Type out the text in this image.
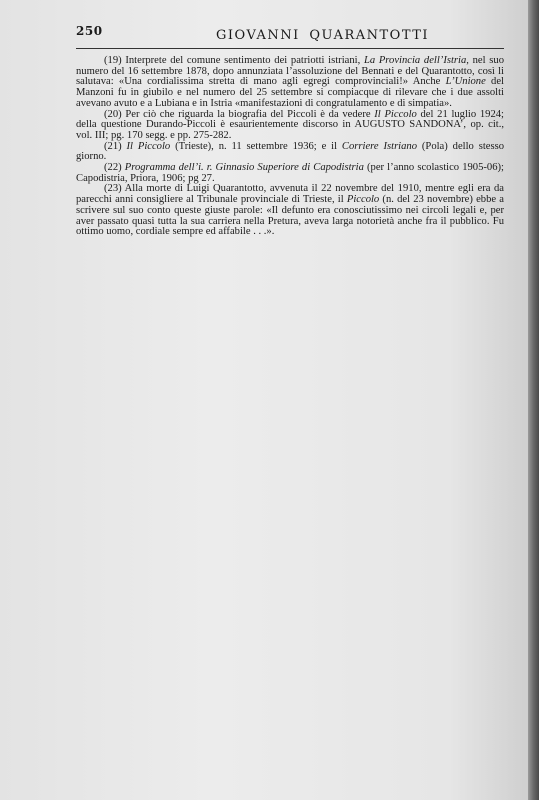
250	GIOVANNI QUARANTOTTI

(19) Interprete del comune sentimento dei patriotti istriani, La Provincia dell’Istria, nel suo numero del 16 settembre 1878, dopo annunziata l’assoluzione del Bennati e del Quarantotto, così li salutava: «Una cordialissima stretta di mano agli egregi comprovinciali!» Anche L’Unione del Manzoni fu in giubilo e nel numero del 25 settembre si compiacque di rilevare che i due assolti avevano avuto e a Lubiana e in Istria «manifestazioni di congratulamento e di simpatia».

(20) Per ciò che riguarda la biografia del Piccoli è da vedere Il Piccolo del 21 luglio 1924; della questione Durando-Piccoli è esaurientemente discorso in AUGUSTO SANDONA’, op. cit., vol. III; pg. 170 segg. e pp. 275-282.

(21) Il Piccolo (Trieste), n. 11 settembre 1936; e il Corriere Istriano (Pola) dello stesso giorno.

(22) Programma dell’i. r. Ginnasio Superiore di Capodistria (per l’anno scolastico 1905-06); Capodistria, Priora, 1906; pg 27.

(23) Alla morte di Luigi Quarantotto, avvenuta il 22 novembre del 1910, mentre egli era da parecchi anni consigliere al Tribunale provinciale di Trieste, il Piccolo (n. del 23 novembre) ebbe a scrivere sul suo conto queste giuste parole: «Il defunto era conosciutissimo nei circoli legali e, per aver passato quasi tutta la sua carriera nella Pretura, aveva larga notorietà anche fra il pubblico. Fu ottimo uomo, cordiale sempre ed affabile . . .».
